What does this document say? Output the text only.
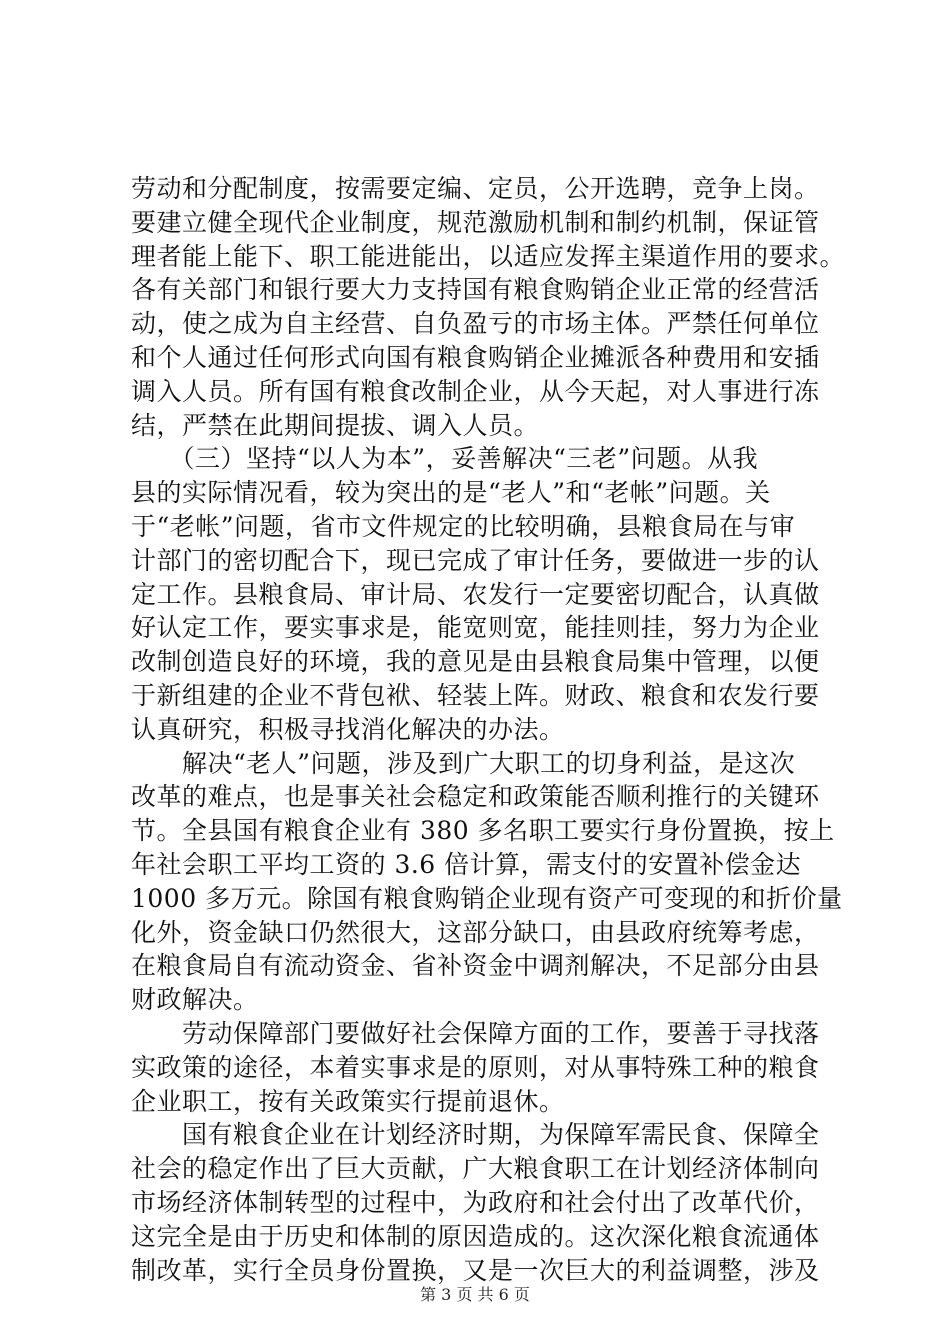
劳动和分配制度，按需要定编、定员，公开选聘，竞争上岗。
要建立健全现代企业制度，规范激励机制和制约机制，保证管
理者能上能下、职工能进能出，以适应发挥主渠道作用的要求。
各有关部门和银行要大力支持国有粮食购销企业正常的经营活
动，使之成为自主经营、自负盈亏的市场主体。严禁任何单位
和个人通过任何形式向国有粮食购销企业摊派各种费用和安插
调入人员。所有国有粮食改制企业，从今天起，对人事进行冻
结，严禁在此期间提拔、调入人员。
　　（三）坚持“以人为本”，妥善解决“三老”问题。从我
县的实际情况看，较为突出的是“老人”和“老帐”问题。关
于“老帐”问题，省市文件规定的比较明确，县粮食局在与审
计部门的密切配合下，现已完成了审计任务，要做进一步的认
定工作。县粮食局、审计局、农发行一定要密切配合，认真做
好认定工作，要实事求是，能宽则宽，能挂则挂，努力为企业
改制创造良好的环境，我的意见是由县粮食局集中管理，以便
于新组建的企业不背包袱、轻装上阵。财政、粮食和农发行要
认真研究，积极寻找消化解决的办法。
　　解决“老人”问题，涉及到广大职工的切身利益，是这次
改革的难点，也是事关社会稳定和政策能否顺利推行的关键环
节。全县国有粮食企业有 380 多名职工要实行身份置换，按上
年社会职工平均工资的 3.6 倍计算，需支付的安置补偿金达
1000 多万元。除国有粮食购销企业现有资产可变现的和折价量
化外，资金缺口仍然很大，这部分缺口，由县政府统筹考虑，
在粮食局自有流动资金、省补资金中调剂解决，不足部分由县
财政解决。
　　劳动保障部门要做好社会保障方面的工作，要善于寻找落
实政策的途径，本着实事求是的原则，对从事特殊工种的粮食
企业职工，按有关政策实行提前退休。
　　国有粮食企业在计划经济时期，为保障军需民食、保障全
社会的稳定作出了巨大贡献，广大粮食职工在计划经济体制向
市场经济体制转型的过程中，为政府和社会付出了改革代价，
这完全是由于历史和体制的原因造成的。这次深化粮食流通体
制改革，实行全员身份置换，又是一次巨大的利益调整，涉及
第 3 页 共 6 页
